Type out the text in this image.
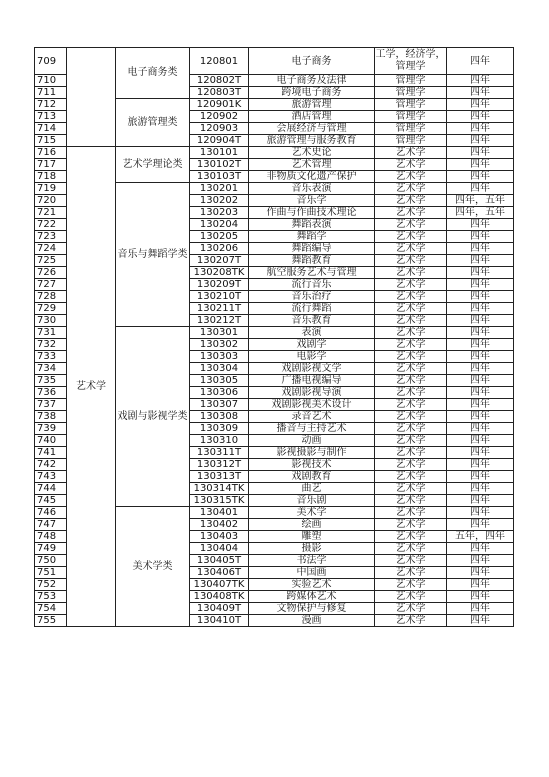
709		电子商务类	120801	电子商务	工学，经济学，管理学	四年
710			120802T	电子商务及法律	管理学	四年
711			120803T	跨境电子商务	管理学	四年
712		旅游管理类	120901K	旅游管理	管理学	四年
713			120902	酒店管理	管理学	四年
714			120903	会展经济与管理	管理学	四年
715			120904T	旅游管理与服务教育	管理学	四年
716	艺术学	艺术学理论类	130101	艺术史论	艺术学	四年
717			130102T	艺术管理	艺术学	四年
718			130103T	非物质文化遗产保护	艺术学	四年
719		音乐与舞蹈学类	130201	音乐表演	艺术学	四年
720			130202	音乐学	艺术学	四年，五年
721			130203	作曲与作曲技术理论	艺术学	四年，五年
722			130204	舞蹈表演	艺术学	四年
723			130205	舞蹈学	艺术学	四年
724			130206	舞蹈编导	艺术学	四年
725			130207T	舞蹈教育	艺术学	四年
726			130208TK	航空服务艺术与管理	艺术学	四年
727			130209T	流行音乐	艺术学	四年
728			130210T	音乐治疗	艺术学	四年
729			130211T	流行舞蹈	艺术学	四年
730			130212T	音乐教育	艺术学	四年
731		戏剧与影视学类	130301	表演	艺术学	四年
732			130302	戏剧学	艺术学	四年
733			130303	电影学	艺术学	四年
734			130304	戏剧影视文学	艺术学	四年
735			130305	广播电视编导	艺术学	四年
736			130306	戏剧影视导演	艺术学	四年
737			130307	戏剧影视美术设计	艺术学	四年
738			130308	录音艺术	艺术学	四年
739			130309	播音与主持艺术	艺术学	四年
740			130310	动画	艺术学	四年
741			130311T	影视摄影与制作	艺术学	四年
742			130312T	影视技术	艺术学	四年
743			130313T	戏剧教育	艺术学	四年
744			130314TK	曲艺	艺术学	四年
745			130315TK	音乐剧	艺术学	四年
746		美术学类	130401	美术学	艺术学	四年
747			130402	绘画	艺术学	四年
748			130403	雕塑	艺术学	五年，四年
749			130404	摄影	艺术学	四年
750			130405T	书法学	艺术学	四年
751			130406T	中国画	艺术学	四年
752			130407TK	实验艺术	艺术学	四年
753			130408TK	跨媒体艺术	艺术学	四年
754			130409T	文物保护与修复	艺术学	四年
755			130410T	漫画	艺术学	四年
